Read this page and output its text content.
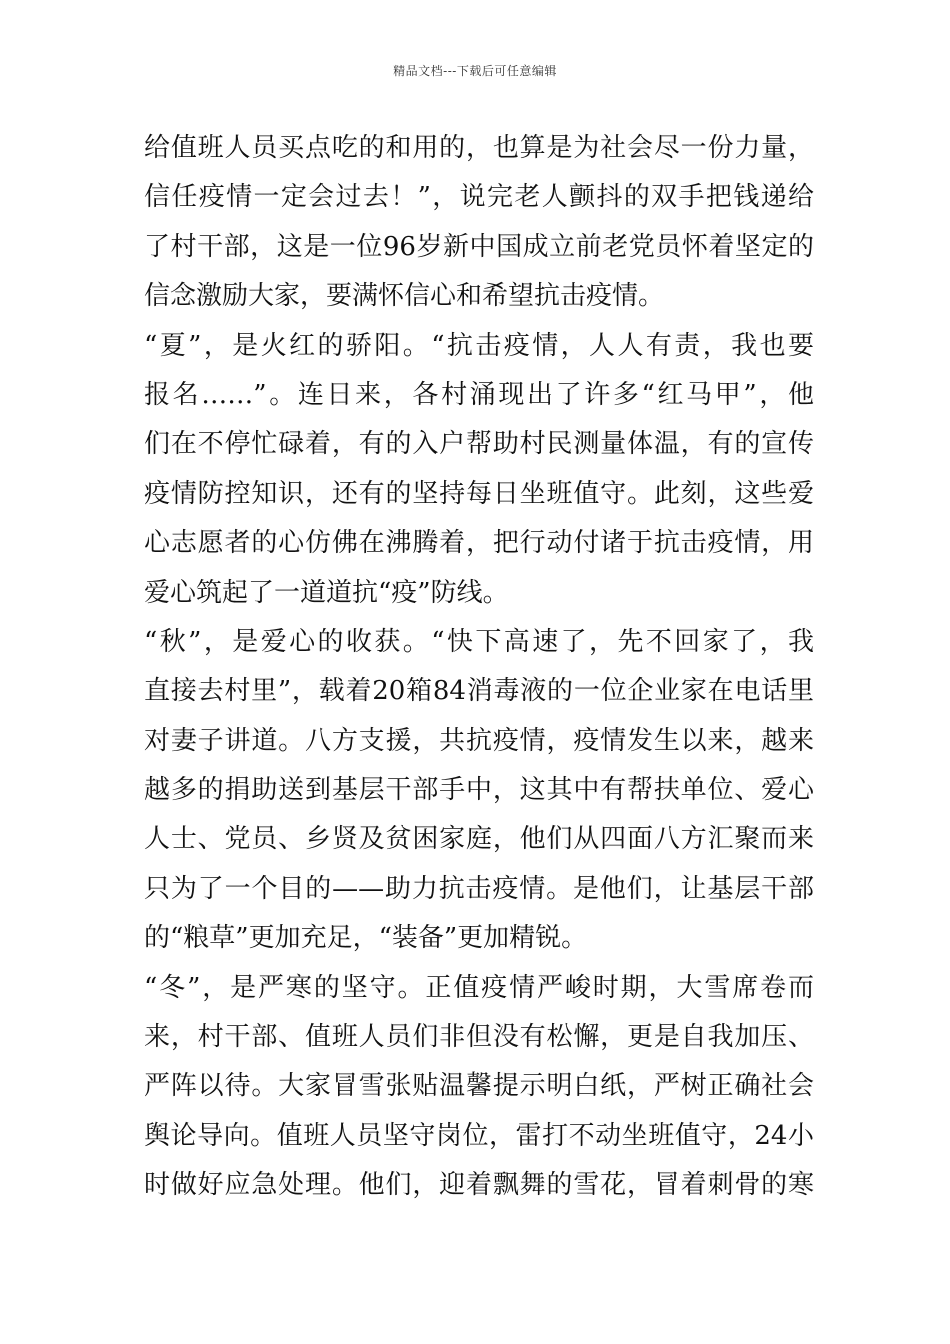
精品文档---下载后可任意编辑
给值班人员买点吃的和用的，也算是为社会尽一份力量，
信任疫情一定会过去！”，说完老人颤抖的双手把钱递给
了村干部，这是一位96岁新中国成立前老党员怀着坚定的
信念激励大家，要满怀信心和希望抗击疫情。
“夏”，是火红的骄阳。“抗击疫情，人人有责，我也要
报名……”。连日来，各村涌现出了许多“红马甲”，他
们在不停忙碌着，有的入户帮助村民测量体温，有的宣传
疫情防控知识，还有的坚持每日坐班值守。此刻，这些爱
心志愿者的心仿佛在沸腾着，把行动付诸于抗击疫情，用
爱心筑起了一道道抗“疫”防线。
“秋”，是爱心的收获。“快下高速了，先不回家了，我
直接去村里”，载着20箱84消毒液的一位企业家在电话里
对妻子讲道。八方支援，共抗疫情，疫情发生以来，越来
越多的捐助送到基层干部手中，这其中有帮扶单位、爱心
人士、党员、乡贤及贫困家庭，他们从四面八方汇聚而来
只为了一个目的——助力抗击疫情。是他们，让基层干部
的“粮草”更加充足，“装备”更加精锐。
“冬”，是严寒的坚守。正值疫情严峻时期，大雪席卷而
来，村干部、值班人员们非但没有松懈，更是自我加压、
严阵以待。大家冒雪张贴温馨提示明白纸，严树正确社会
舆论导向。值班人员坚守岗位，雷打不动坐班值守，24小
时做好应急处理。他们，迎着飘舞的雪花，冒着刺骨的寒
